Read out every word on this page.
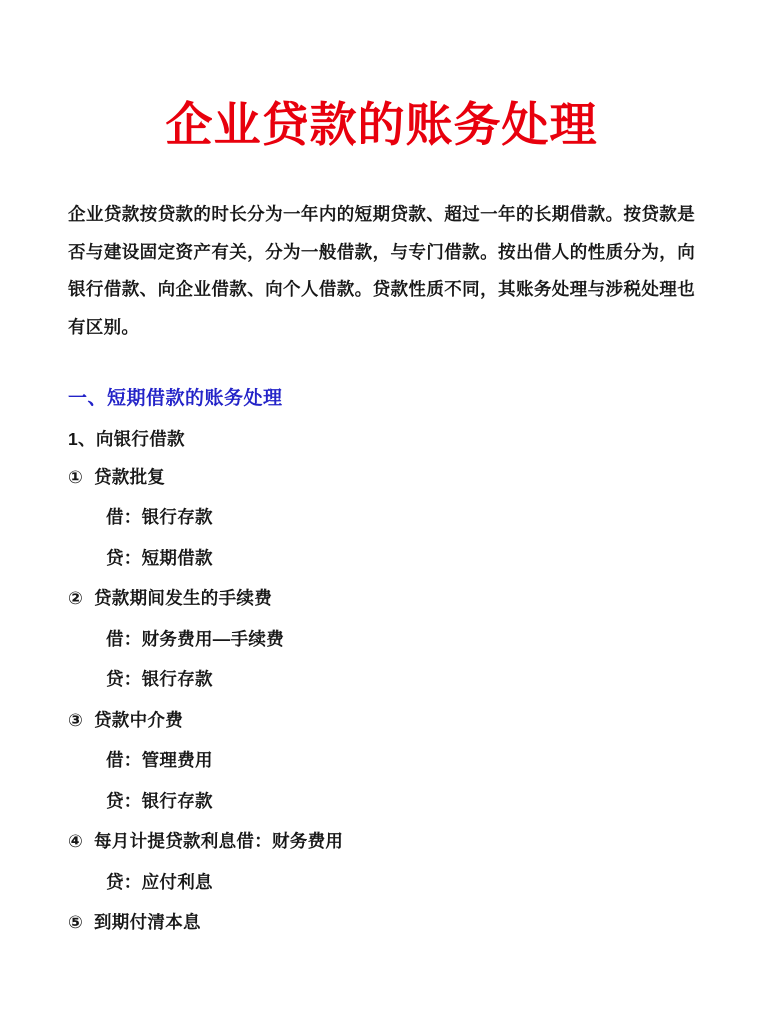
企业贷款的账务处理

企业贷款按贷款的时长分为一年内的短期贷款、超过一年的长期借款。按贷款是否与建设固定资产有关，分为一般借款，与专门借款。按出借人的性质分为，向银行借款、向企业借款、向个人借款。贷款性质不同，其账务处理与涉税处理也有区别。

一、短期借款的账务处理
1、向银行借款

① 贷款批复

借：银行存款

贷：短期借款

② 贷款期间发生的手续费

借：财务费用—手续费

贷：银行存款

③ 贷款中介费

借：管理费用

贷：银行存款

④ 每月计提贷款利息借：财务费用

贷：应付利息

⑤ 到期付清本息
